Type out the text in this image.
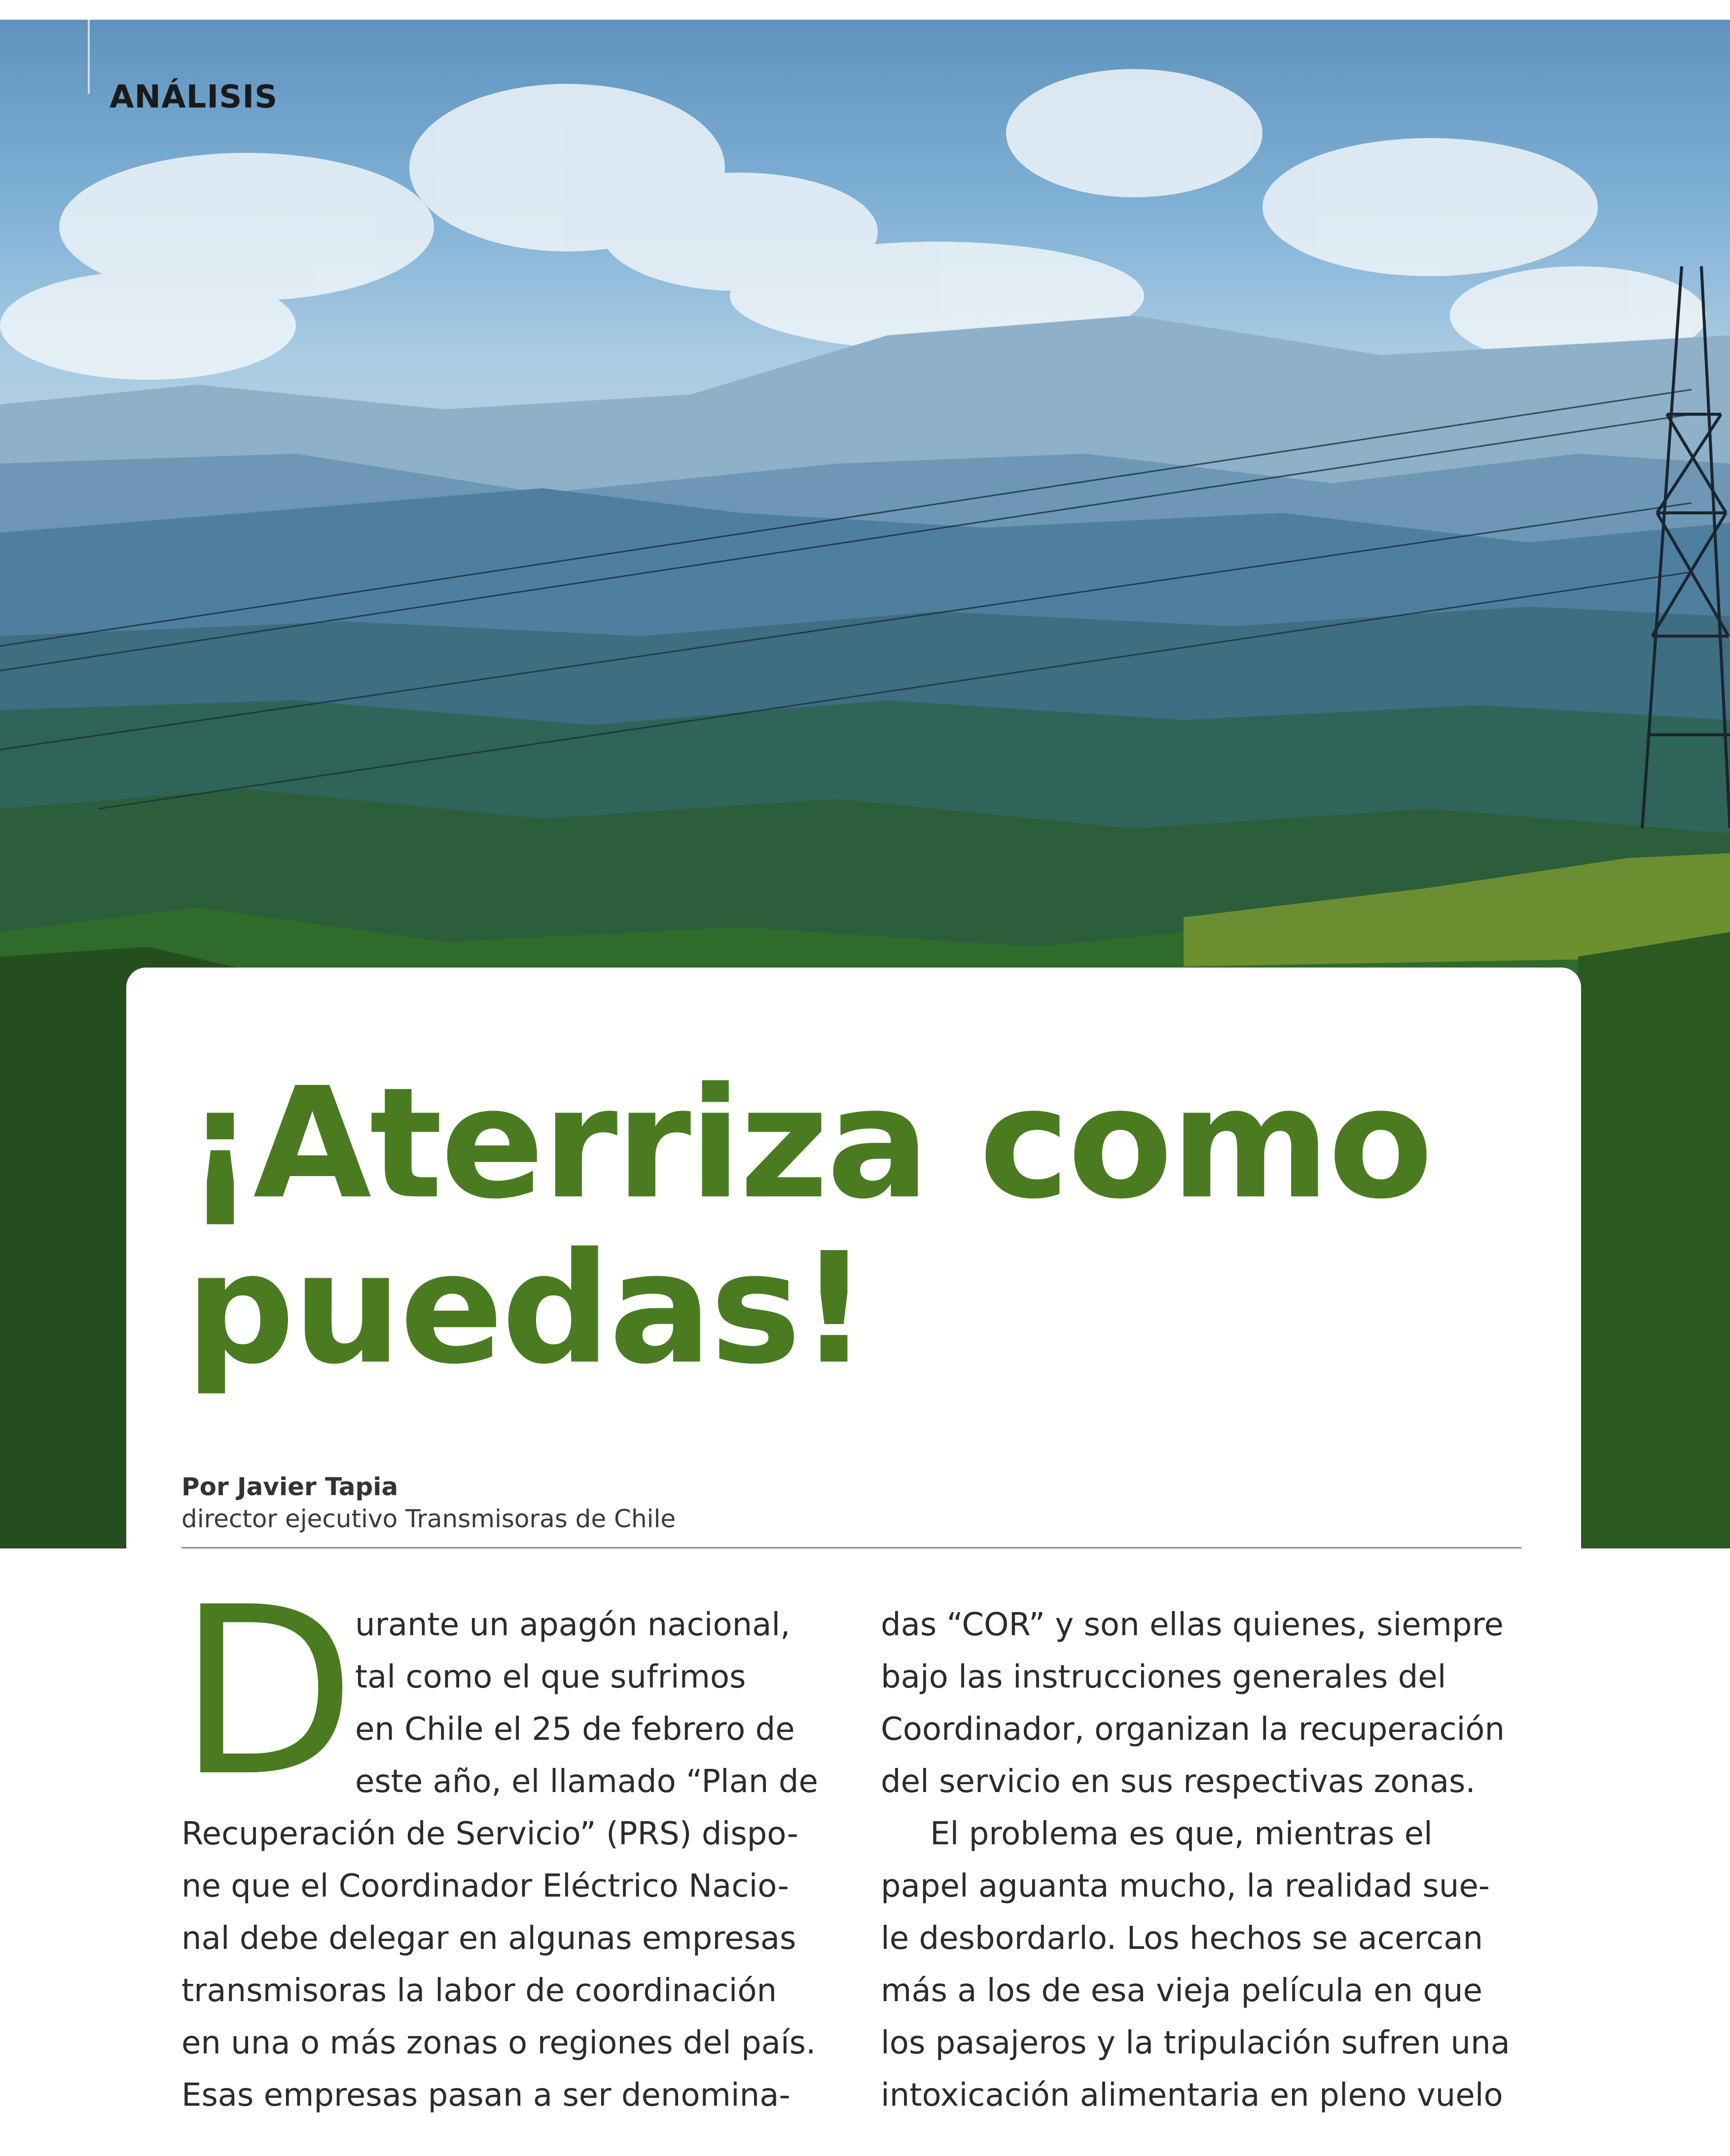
ANÁLISIS
¡Aterriza como
puedas!
Por Javier Tapia
director ejecutivo Transmisoras de Chile
D

urante un apagón nacional,

tal como el que sufrimos

en Chile el 25 de febrero de

este año, el llamado “Plan de

Recuperación de Servicio” (PRS) dispo-

ne que el Coordinador Eléctrico Nacio-

nal debe delegar en algunas empresas

transmisoras la labor de coordinación

en una o más zonas o regiones del país.

Esas empresas pasan a ser denomina-

das “COR” y son ellas quienes, siempre

bajo las instrucciones generales del

Coordinador, organizan la recuperación

del servicio en sus respectivas zonas.

El problema es que, mientras el

papel aguanta mucho, la realidad sue-

le desbordarlo. Los hechos se acercan

más a los de esa vieja película en que

los pasajeros y la tripulación sufren una

intoxicación alimentaria en pleno vuelo
